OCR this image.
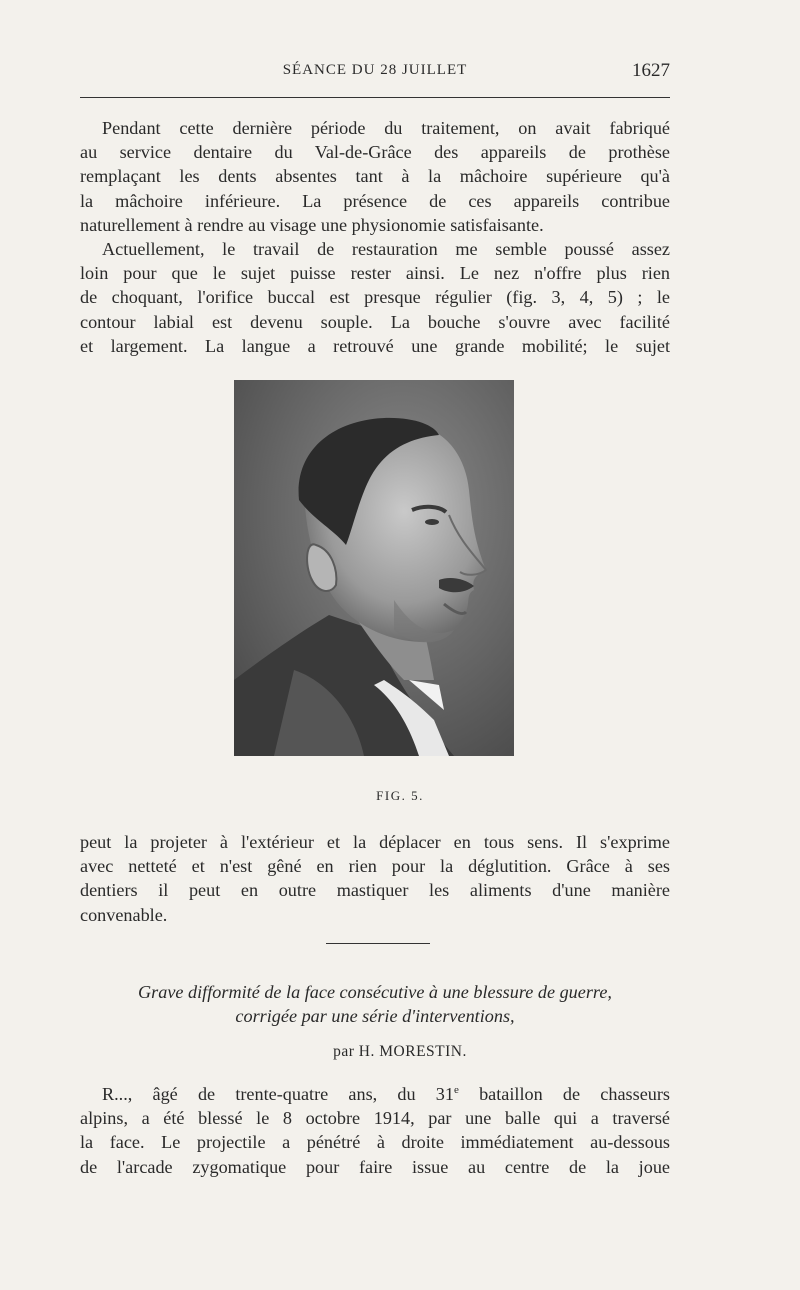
SÉANCE DU 28 JUILLET	1627
Pendant cette dernière période du traitement, on avait fabriqué
au service dentaire du Val-de-Grâce des appareils de prothèse
remplaçant les dents absentes tant à la mâchoire supérieure qu'à
la mâchoire inférieure. La présence de ces appareils contribue
naturellement à rendre au visage une physionomie satisfaisante.
Actuellement, le travail de restauration me semble poussé assez
loin pour que le sujet puisse rester ainsi. Le nez n'offre plus rien
de choquant, l'orifice buccal est presque régulier (fig. 3, 4, 5) ; le
contour labial est devenu souple. La bouche s'ouvre avec facilité
et largement. La langue a retrouvé une grande mobilité; le sujet
FIG. 5.
peut la projeter à l'extérieur et la déplacer en tous sens. Il s'exprime
avec netteté et n'est gêné en rien pour la déglutition. Grâce à ses
dentiers il peut en outre mastiquer les aliments d'une manière
convenable.
Grave difformité de la face consécutive à une blessure de guerre,
corrigée par une série d'interventions,
par H. MORESTIN.
R..., âgé de trente-quatre ans, du 31e bataillon de chasseurs
alpins, a été blessé le 8 octobre 1914, par une balle qui a traversé
la face. Le projectile a pénétré à droite immédiatement au-dessous
de l'arcade zygomatique pour faire issue au centre de la joue
